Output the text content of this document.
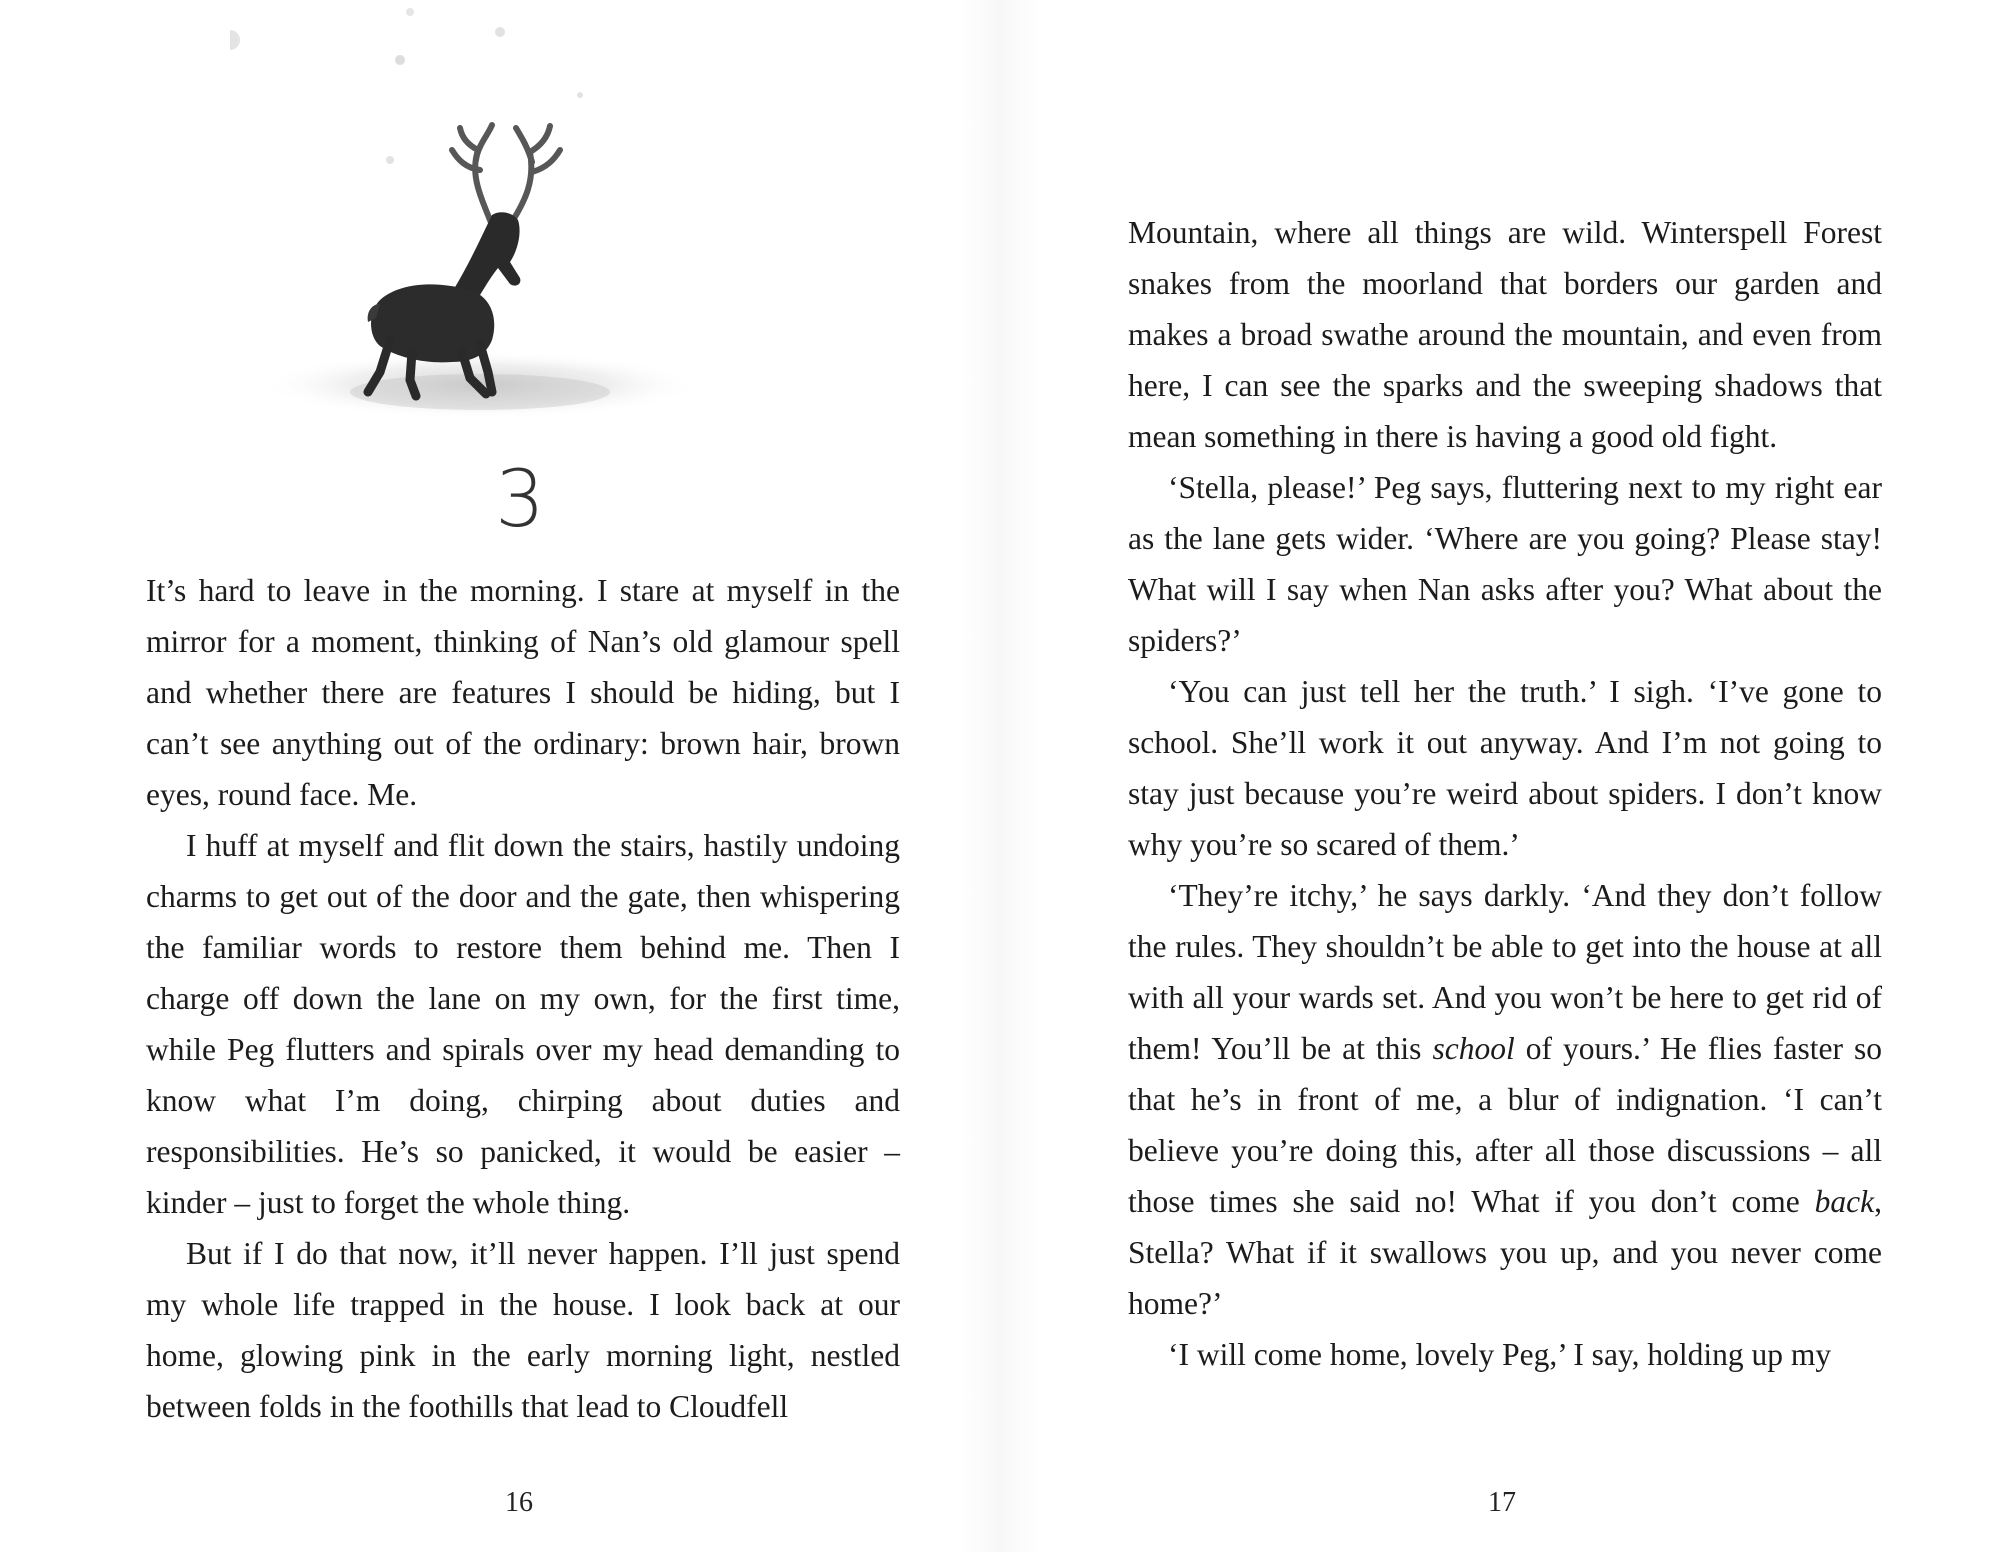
3

It’s hard to leave in the morning. I stare at myself in the mirror for a moment, thinking of Nan’s old glamour spell and whether there are features I should be hiding, but I can’t see anything out of the ordinary: brown hair, brown eyes, round face. Me.

I huff at myself and flit down the stairs, hastily undoing charms to get out of the door and the gate, then whispering the familiar words to restore them behind me. Then I charge off down the lane on my own, for the first time, while Peg flutters and spirals over my head demanding to know what I’m doing, chirping about duties and responsibilities. He’s so panicked, it would be easier – kinder – just to forget the whole thing.

But if I do that now, it’ll never happen. I’ll just spend my whole life trapped in the house. I look back at our home, glowing pink in the early morning light, nestled between folds in the foothills that lead to Cloudfell

16

Mountain, where all things are wild. Winterspell Forest snakes from the moorland that borders our garden and makes a broad swathe around the mountain, and even from here, I can see the sparks and the sweeping shadows that mean something in there is having a good old fight.

‘Stella, please!’ Peg says, fluttering next to my right ear as the lane gets wider. ‘Where are you going? Please stay! What will I say when Nan asks after you? What about the spiders?’

‘You can just tell her the truth.’ I sigh. ‘I’ve gone to school. She’ll work it out anyway. And I’m not going to stay just because you’re weird about spiders. I don’t know why you’re so scared of them.’

‘They’re itchy,’ he says darkly. ‘And they don’t follow the rules. They shouldn’t be able to get into the house at all with all your wards set. And you won’t be here to get rid of them! You’ll be at this school of yours.’ He flies faster so that he’s in front of me, a blur of indignation. ‘I can’t believe you’re doing this, after all those discussions – all those times she said no! What if you don’t come back, Stella? What if it swallows you up, and you never come home?’

‘I will come home, lovely Peg,’ I say, holding up my

17
